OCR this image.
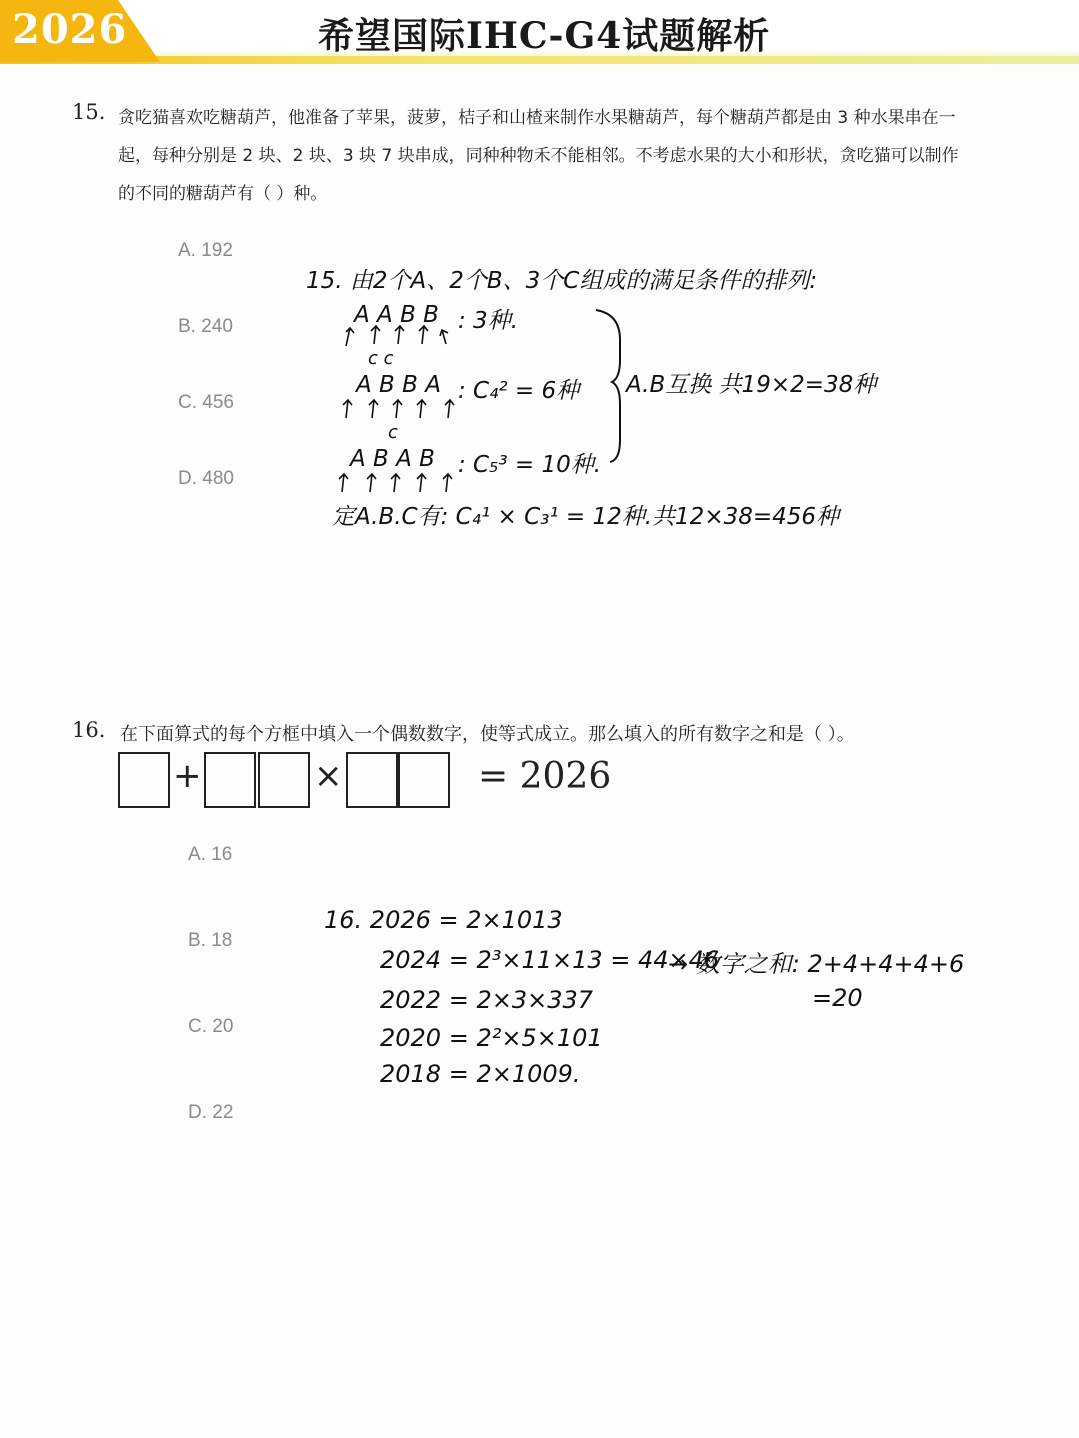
2026	希望国际IHC-G4试题解析
15. 贪吃猫喜欢吃糖葫芦，他准备了苹果，菠萝，桔子和山楂来制作水果糖葫芦，每个糖葫芦都是由 3 种水果串在一
起，每种分别是 2 块、2 块、3 块 7 块串成，同种种物禾不能相邻。不考虑水果的大小和形状，贪吃猫可以制作
的不同的糖葫芦有（ ）种。
A. 192
B. 240
C. 456
D. 480
15. 由2个A、2个B、3个C组成的满足条件的排列:
A A B B : 3种.
c c
A B B A : C₄² = 6种
c
A B A B : C₅³ = 10种.
A.B互换 共19×2=38种
定A.B.C有: C₄¹ × C₃¹ = 12种.共12×38=456种
16. 在下面算式的每个方框中填入一个偶数数字，使等式成立。那么填入的所有数字之和是（ ）。
+	×	= 2026
A. 16
B. 18
C. 20
D. 22
16. 2026 = 2×1013
2024 = 2³×11×13 = 44×46
2022 = 2×3×337
2020 = 2²×5×101
2018 = 2×1009.
→ 数字之和: 2+4+4+4+6
=20
